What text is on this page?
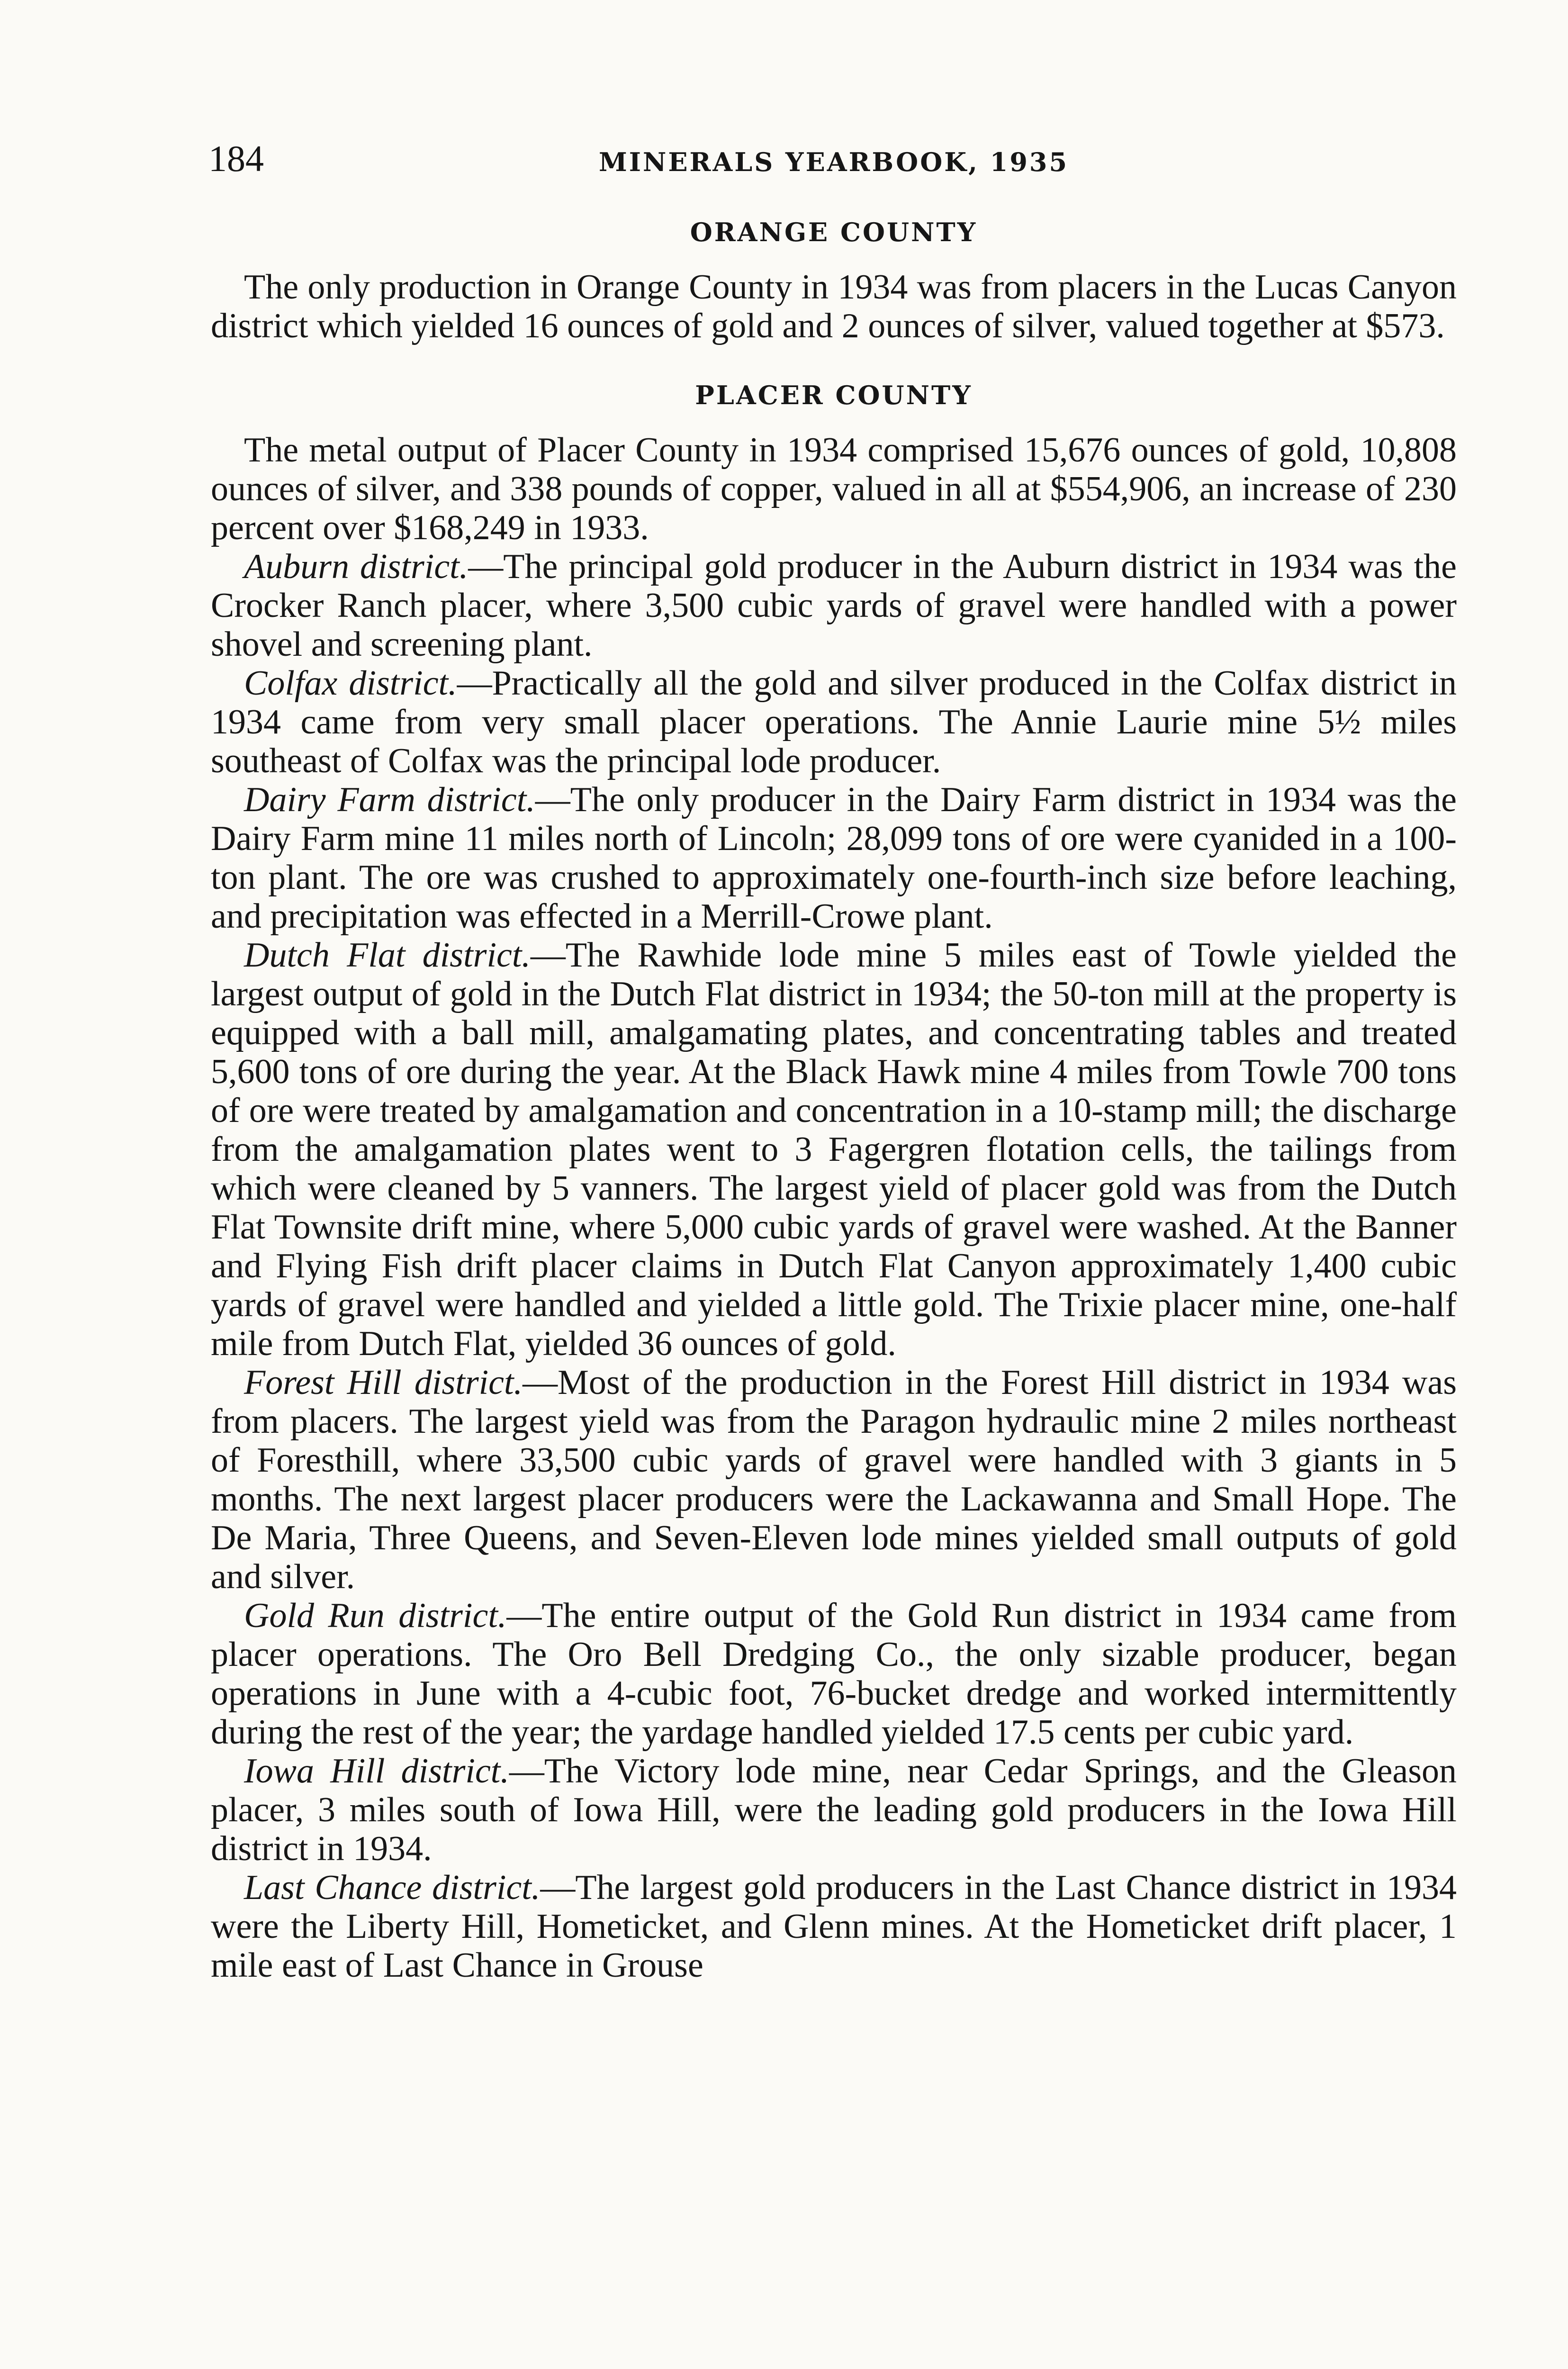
184	MINERALS YEARBOOK, 1935
ORANGE COUNTY

The only production in Orange County in 1934 was from placers in the Lucas Canyon district which yielded 16 ounces of gold and 2 ounces of silver, valued together at $573.

PLACER COUNTY

The metal output of Placer County in 1934 comprised 15,676 ounces of gold, 10,808 ounces of silver, and 338 pounds of copper, valued in all at $554,906, an increase of 230 percent over $168,249 in 1933.

Auburn district.—The principal gold producer in the Auburn district in 1934 was the Crocker Ranch placer, where 3,500 cubic yards of gravel were handled with a power shovel and screening plant.

Colfax district.—Practically all the gold and silver produced in the Colfax district in 1934 came from very small placer operations. The Annie Laurie mine 5½ miles southeast of Colfax was the principal lode producer.

Dairy Farm district.—The only producer in the Dairy Farm district in 1934 was the Dairy Farm mine 11 miles north of Lincoln; 28,099 tons of ore were cyanided in a 100-ton plant. The ore was crushed to approximately one-fourth-inch size before leaching, and precipitation was effected in a Merrill-Crowe plant.

Dutch Flat district.—The Rawhide lode mine 5 miles east of Towle yielded the largest output of gold in the Dutch Flat district in 1934; the 50-ton mill at the property is equipped with a ball mill, amalgamating plates, and concentrating tables and treated 5,600 tons of ore during the year. At the Black Hawk mine 4 miles from Towle 700 tons of ore were treated by amalgamation and concentration in a 10-stamp mill; the discharge from the amalgamation plates went to 3 Fagergren flotation cells, the tailings from which were cleaned by 5 vanners. The largest yield of placer gold was from the Dutch Flat Townsite drift mine, where 5,000 cubic yards of gravel were washed. At the Banner and Flying Fish drift placer claims in Dutch Flat Canyon approximately 1,400 cubic yards of gravel were handled and yielded a little gold. The Trixie placer mine, one-half mile from Dutch Flat, yielded 36 ounces of gold.

Forest Hill district.—Most of the production in the Forest Hill district in 1934 was from placers. The largest yield was from the Paragon hydraulic mine 2 miles northeast of Foresthill, where 33,500 cubic yards of gravel were handled with 3 giants in 5 months. The next largest placer producers were the Lackawanna and Small Hope. The De Maria, Three Queens, and Seven-Eleven lode mines yielded small outputs of gold and silver.

Gold Run district.—The entire output of the Gold Run district in 1934 came from placer operations. The Oro Bell Dredging Co., the only sizable producer, began operations in June with a 4-cubic foot, 76-bucket dredge and worked intermittently during the rest of the year; the yardage handled yielded 17.5 cents per cubic yard.

Iowa Hill district.—The Victory lode mine, near Cedar Springs, and the Gleason placer, 3 miles south of Iowa Hill, were the leading gold producers in the Iowa Hill district in 1934.

Last Chance district.—The largest gold producers in the Last Chance district in 1934 were the Liberty Hill, Hometicket, and Glenn mines. At the Hometicket drift placer, 1 mile east of Last Chance in Grouse
